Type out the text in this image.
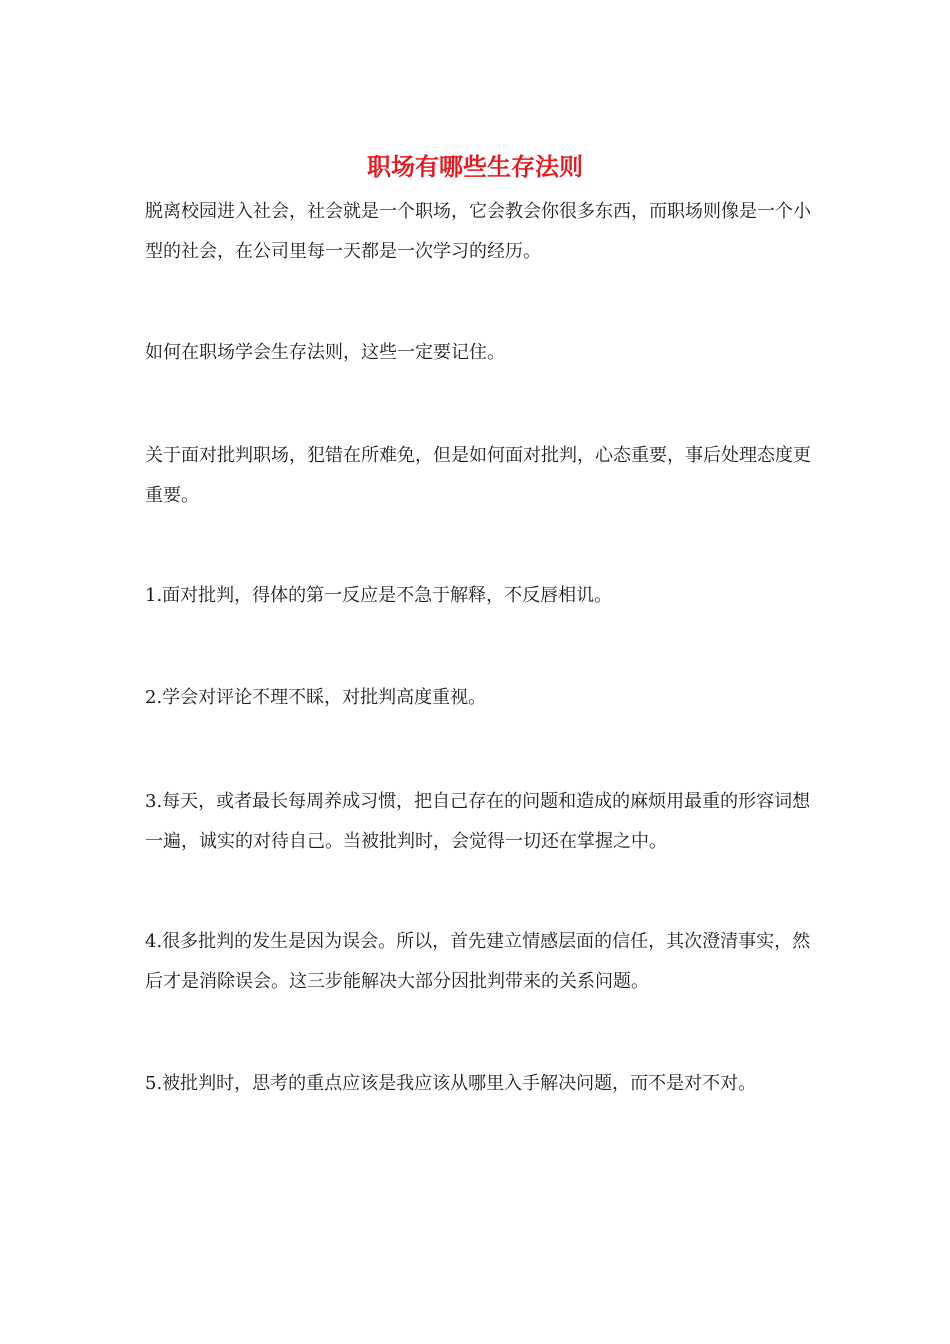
职场有哪些生存法则

脱离校园进入社会，社会就是一个职场，它会教会你很多东西，而职场则像是一个小型的社会，在公司里每一天都是一次学习的经历。

如何在职场学会生存法则，这些一定要记住。

关于面对批判职场，犯错在所难免，但是如何面对批判，心态重要，事后处理态度更重要。

1.面对批判，得体的第一反应是不急于解释，不反唇相讥。

2.学会对评论不理不睬，对批判高度重视。

3.每天，或者最长每周养成习惯，把自己存在的问题和造成的麻烦用最重的形容词想一遍，诚实的对待自己。当被批判时，会觉得一切还在掌握之中。

4.很多批判的发生是因为误会。所以，首先建立情感层面的信任，其次澄清事实，然后才是消除误会。这三步能解决大部分因批判带来的关系问题。

5.被批判时，思考的重点应该是我应该从哪里入手解决问题，而不是对不对。
